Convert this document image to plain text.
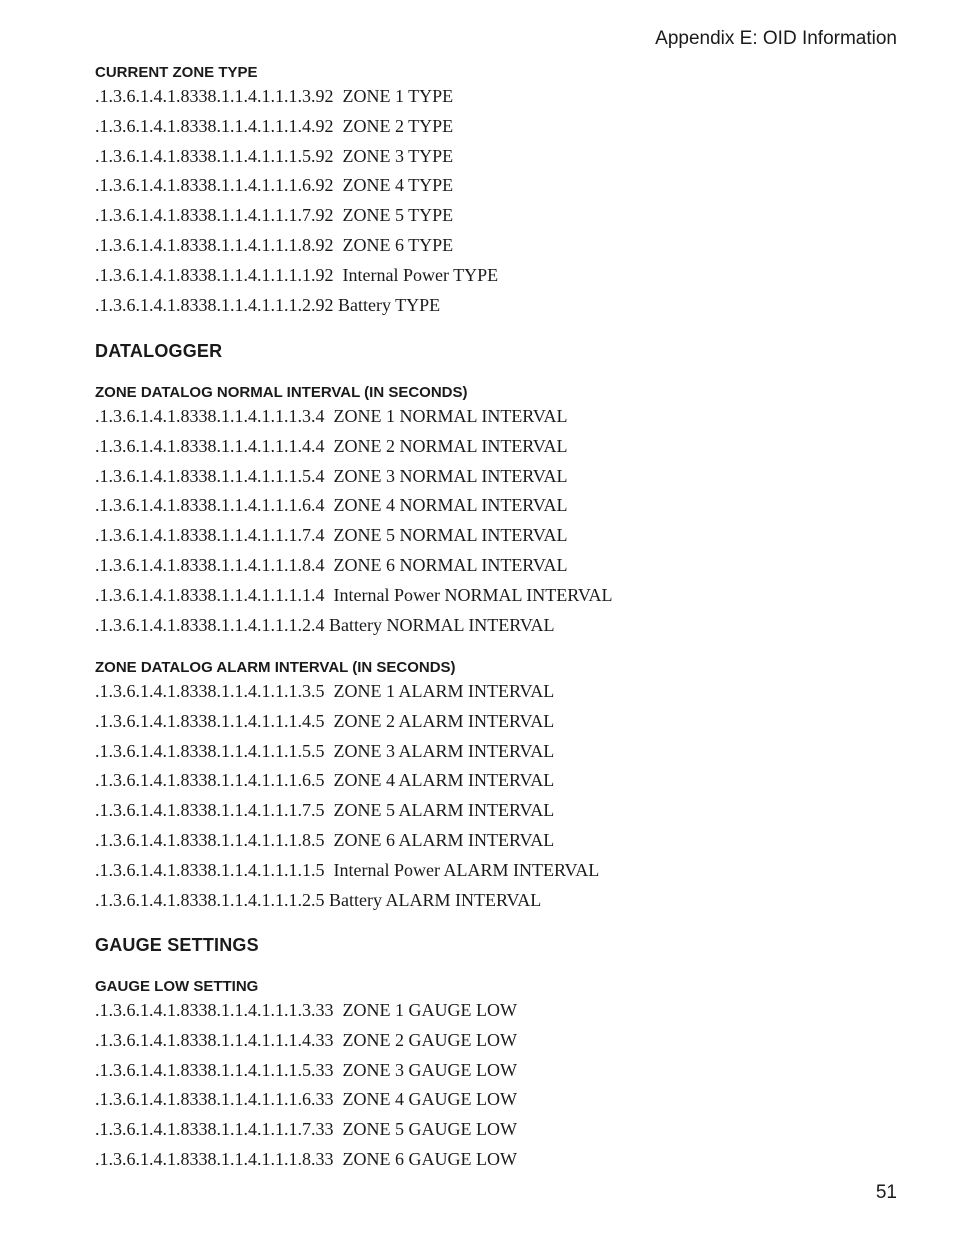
Appendix E: OID Information
CURRENT ZONE TYPE
.1.3.6.1.4.1.8338.1.1.4.1.1.1.3.92  ZONE 1 TYPE
.1.3.6.1.4.1.8338.1.1.4.1.1.1.4.92  ZONE 2 TYPE
.1.3.6.1.4.1.8338.1.1.4.1.1.1.5.92  ZONE 3 TYPE
.1.3.6.1.4.1.8338.1.1.4.1.1.1.6.92  ZONE 4 TYPE
.1.3.6.1.4.1.8338.1.1.4.1.1.1.7.92  ZONE 5 TYPE
.1.3.6.1.4.1.8338.1.1.4.1.1.1.8.92  ZONE 6 TYPE
.1.3.6.1.4.1.8338.1.1.4.1.1.1.1.92  Internal Power TYPE
.1.3.6.1.4.1.8338.1.1.4.1.1.1.2.92 Battery TYPE
DATALOGGER
ZONE DATALOG NORMAL INTERVAL (IN SECONDS)
.1.3.6.1.4.1.8338.1.1.4.1.1.1.3.4  ZONE 1 NORMAL INTERVAL
.1.3.6.1.4.1.8338.1.1.4.1.1.1.4.4  ZONE 2 NORMAL INTERVAL
.1.3.6.1.4.1.8338.1.1.4.1.1.1.5.4  ZONE 3 NORMAL INTERVAL
.1.3.6.1.4.1.8338.1.1.4.1.1.1.6.4  ZONE 4 NORMAL INTERVAL
.1.3.6.1.4.1.8338.1.1.4.1.1.1.7.4  ZONE 5 NORMAL INTERVAL
.1.3.6.1.4.1.8338.1.1.4.1.1.1.8.4  ZONE 6 NORMAL INTERVAL
.1.3.6.1.4.1.8338.1.1.4.1.1.1.1.4  Internal Power NORMAL INTERVAL
.1.3.6.1.4.1.8338.1.1.4.1.1.1.2.4 Battery NORMAL INTERVAL
ZONE DATALOG ALARM INTERVAL (IN SECONDS)
.1.3.6.1.4.1.8338.1.1.4.1.1.1.3.5  ZONE 1 ALARM INTERVAL
.1.3.6.1.4.1.8338.1.1.4.1.1.1.4.5  ZONE 2 ALARM INTERVAL
.1.3.6.1.4.1.8338.1.1.4.1.1.1.5.5  ZONE 3 ALARM INTERVAL
.1.3.6.1.4.1.8338.1.1.4.1.1.1.6.5  ZONE 4 ALARM INTERVAL
.1.3.6.1.4.1.8338.1.1.4.1.1.1.7.5  ZONE 5 ALARM INTERVAL
.1.3.6.1.4.1.8338.1.1.4.1.1.1.8.5  ZONE 6 ALARM INTERVAL
.1.3.6.1.4.1.8338.1.1.4.1.1.1.1.5  Internal Power ALARM INTERVAL
.1.3.6.1.4.1.8338.1.1.4.1.1.1.2.5 Battery ALARM INTERVAL
GAUGE SETTINGS
GAUGE LOW SETTING
.1.3.6.1.4.1.8338.1.1.4.1.1.1.3.33  ZONE 1 GAUGE LOW
.1.3.6.1.4.1.8338.1.1.4.1.1.1.4.33  ZONE 2 GAUGE LOW
.1.3.6.1.4.1.8338.1.1.4.1.1.1.5.33  ZONE 3 GAUGE LOW
.1.3.6.1.4.1.8338.1.1.4.1.1.1.6.33  ZONE 4 GAUGE LOW
.1.3.6.1.4.1.8338.1.1.4.1.1.1.7.33  ZONE 5 GAUGE LOW
.1.3.6.1.4.1.8338.1.1.4.1.1.1.8.33  ZONE 6 GAUGE LOW
51
